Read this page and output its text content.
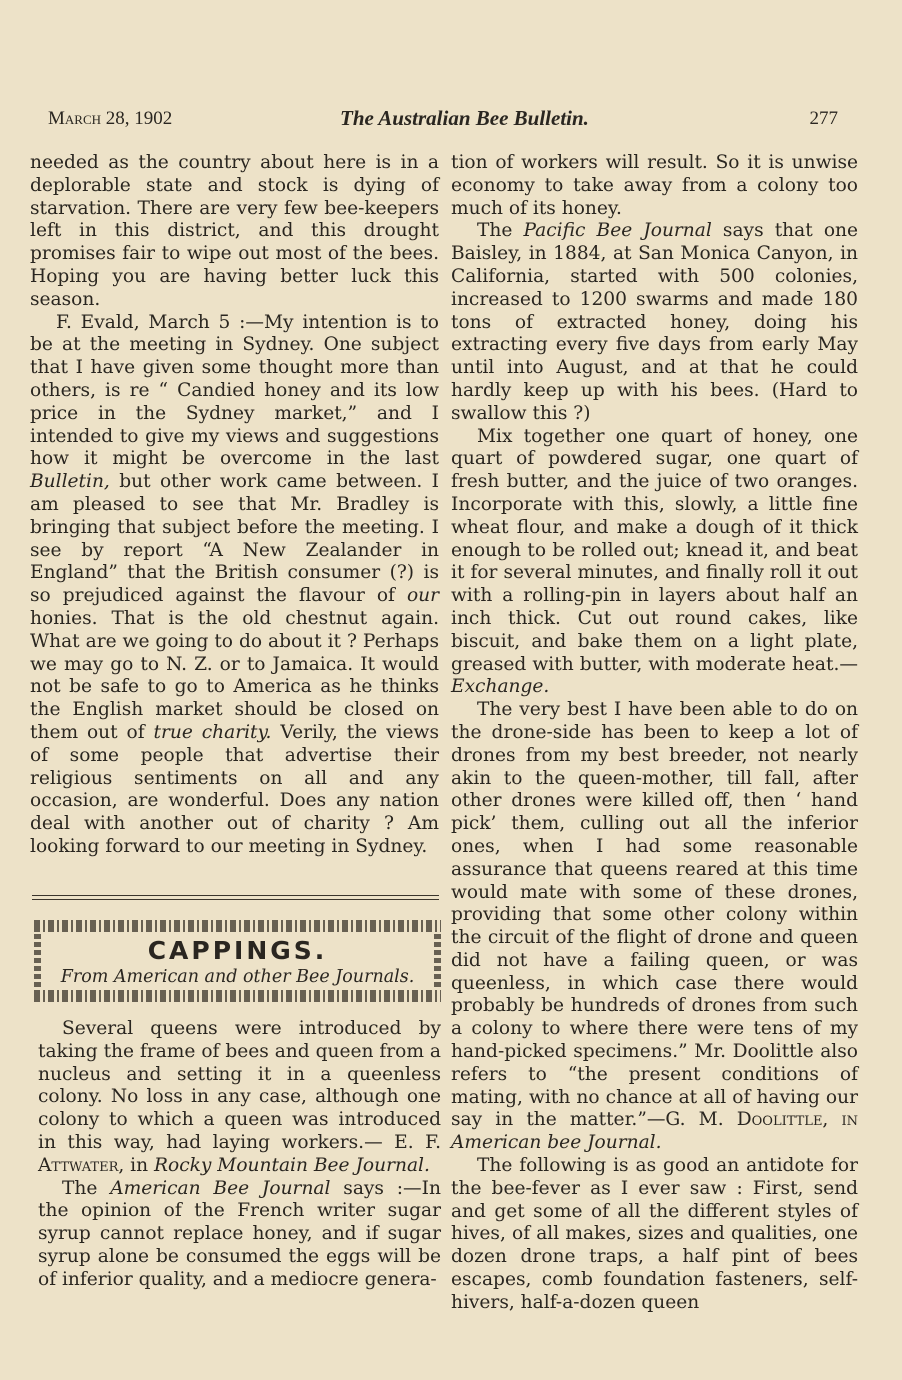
March 28, 1902	The Australian Bee Bulletin.	277

needed as the country about here is in a deplorable state and stock is dying of starvation. There are very few bee-keepers left in this district, and this drought promises fair to wipe out most of the bees. Hoping you are having better luck this season.

F. Evald, March 5 :—My intention is to be at the meeting in Sydney. One subject that I have given some thought more than others, is re “ Candied honey and its low price in the Sydney market,” and I intended to give my views and suggestions how it might be overcome in the last Bulletin, but other work came between. I am pleased to see that Mr. Bradley is bringing that subject before the meeting. I see by report “A New Zealander in England” that the British consumer (?) is so prejudiced against the flavour of our honies. That is the old chestnut again. What are we going to do about it ? Perhaps we may go to N. Z. or to Jamaica. It would not be safe to go to America as he thinks the English market should be closed on them out of true charity. Verily, the views of some people that advertise their religious sentiments on all and any occasion, are wonderful. Does any nation deal with another out of charity ? Am looking forward to our meeting in Sydney.

CAPPINGS.
From American and other Bee Journals.

Several queens were introduced by taking the frame of bees and queen from a nucleus and setting it in a queenless colony. No loss in any case, although one colony to which a queen was introduced in this way, had laying workers.— E. F. Attwater, in Rocky Mountain Bee Journal.

The American Bee Journal says :—In the opinion of the French writer sugar syrup cannot replace honey, and if sugar syrup alone be consumed the eggs will be of inferior quality, and a mediocre genera-

tion of workers will result. So it is unwise economy to take away from a colony too much of its honey.

The Pacific Bee Journal says that one Baisley, in 1884, at San Monica Canyon, in California, started with 500 colonies, increased to 1200 swarms and made 180 tons of extracted honey, doing his extracting every five days from early May until into August, and at that he could hardly keep up with his bees. (Hard to swallow this ?)

Mix together one quart of honey, one quart of powdered sugar, one quart of fresh butter, and the juice of two oranges. Incorporate with this, slowly, a little fine wheat flour, and make a dough of it thick enough to be rolled out; knead it, and beat it for several minutes, and finally roll it out with a rolling-pin in layers about half an inch thick. Cut out round cakes, like biscuit, and bake them on a light plate, greased with butter, with moderate heat.—Exchange.

The very best I have been able to do on the drone-side has been to keep a lot of drones from my best breeder, not nearly akin to the queen-mother, till fall, after other drones were killed off, then ‘ hand pick’ them, culling out all the inferior ones, when I had some reasonable assurance that queens reared at this time would mate with some of these drones, providing that some other colony within the circuit of the flight of drone and queen did not have a failing queen, or was queenless, in which case there would probably be hundreds of drones from such a colony to where there were tens of my hand-picked specimens.” Mr. Doolittle also refers to “the present conditions of mating, with no chance at all of having our say in the matter.”—G. M. Doolittle, in American bee Journal.

The following is as good an antidote for the bee-fever as I ever saw : First, send and get some of all the different styles of hives, of all makes, sizes and qualities, one dozen drone traps, a half pint of bees escapes, comb foundation fasteners, self-hivers, half-a-dozen queen
